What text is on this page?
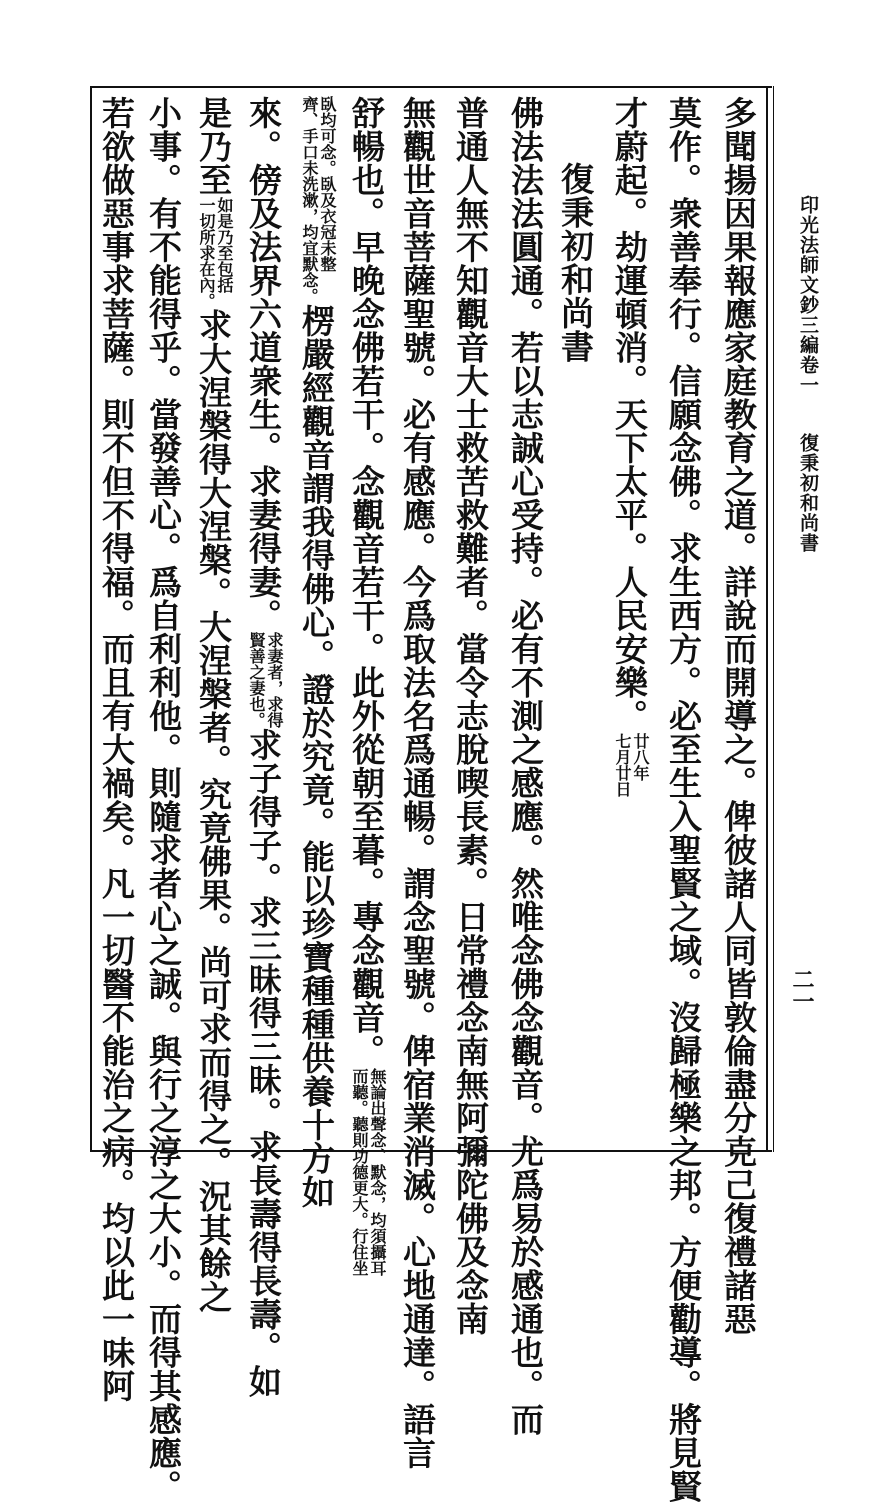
印光法師文鈔三編卷一復秉初和尚書
二一
多聞揚因果報應家庭教育之道。詳說而開導之。俾彼諸人同皆敦倫盡分克己復禮諸惡
莫作。衆善奉行。信願念佛。求生西方。必至生入聖賢之域。沒歸極樂之邦。方便勸導。將見賢
才蔚起。劫運頓消。天下太平。人民安樂。
廿八年
七月廿日
復秉初和尚書
佛法法法圓通。若以志誠心受持。必有不測之感應。然唯念佛念觀音。尤爲易於感通也。而
普通人無不知觀音大士救苦救難者。當令志脫喫長素。日常禮念南無阿彌陀佛及念南
無觀世音菩薩聖號。必有感應。今爲取法名爲通暢。謂念聖號。俾宿業消滅。心地通達。語言
舒暢也。早晚念佛若干。念觀音若干。此外從朝至暮。專念觀音。
無論出聲念、默念，均須攝耳
而聽。聽則功德更大。行住坐
臥均可念。臥及衣冠未整
齊、手口未洗漱，均宜默念。
楞嚴經觀音謂我得佛心。證於究竟。能以珍寶種種供養十方如
來。傍及法界六道衆生。求妻得妻。
求妻者，求得
賢善之妻也。
求子得子。求三昧得三昧。求長壽得長壽。如
是乃至
如是乃至包括
一切所求在內。
求大涅槃得大涅槃。大涅槃者。究竟佛果。尚可求而得之。況其餘之
小事。有不能得乎。當發善心。爲自利利他。則隨求者心之誠。與行之淳之大小。而得其感應。
若欲做惡事求菩薩。則不但不得福。而且有大禍矣。凡一切醫不能治之病。均以此一味阿
